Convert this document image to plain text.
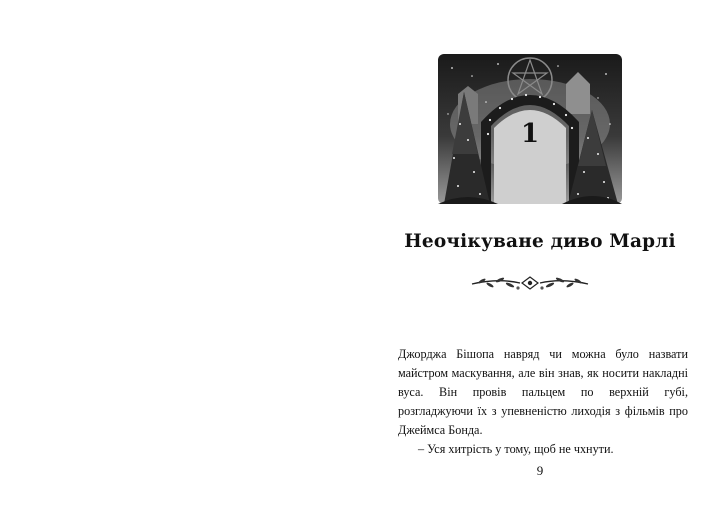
1
Неочікуване диво Марлі

Джорджа Бішопа навряд чи можна було назвати майстром маскування, але він знав, як носити накладні вуса. Він провів пальцем по верхній губі, розгладжуючи їх з упевненістю лиходія з фільмів про Джеймса Бонда.

– Уся хитрість у тому, щоб не чхнути.

9
